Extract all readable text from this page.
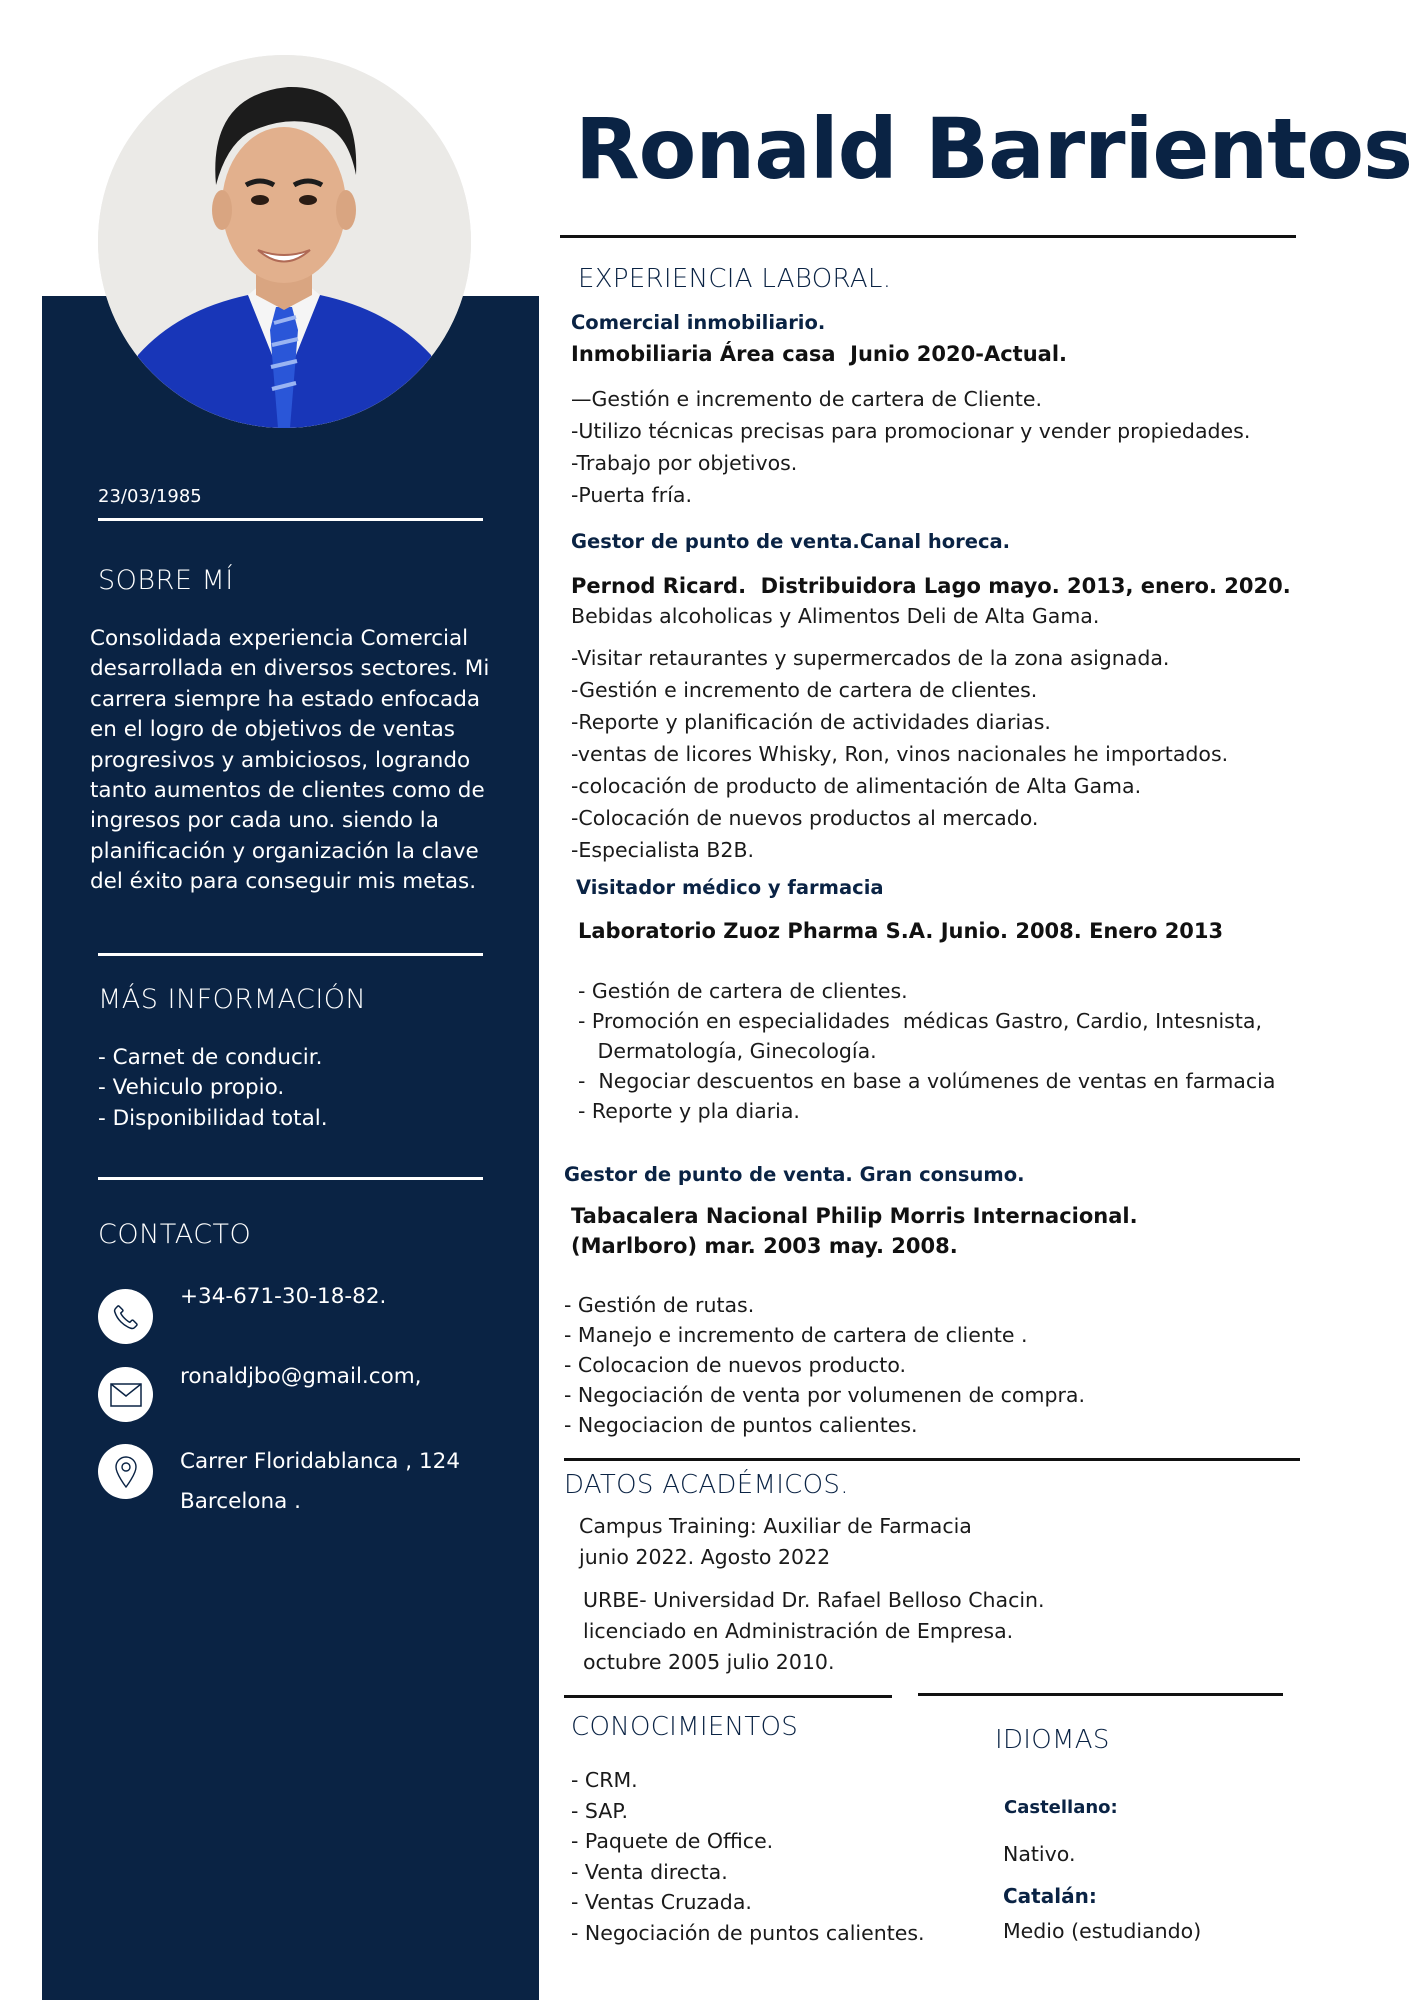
23/03/1985
SOBRE MÍ
Consolidada experiencia Comercial
desarrollada en diversos sectores. Mi
carrera siempre ha estado enfocada
en el logro de objetivos de ventas
progresivos y ambiciosos, logrando
tanto aumentos de clientes como de
ingresos por cada uno. siendo la
planificación y organización la clave
del éxito para conseguir mis metas.
MÁS INFORMACIÓN
- Carnet de conducir.
- Vehiculo propio.
- Disponibilidad total.
CONTACTO
+34-671-30-18-82.
ronaldjbo@gmail.com,
Carrer Floridablanca , 124
Barcelona .
Ronald Barrientos
EXPERIENCIA LABORAL.
Comercial inmobiliario.
Inmobiliaria Área casa  Junio 2020-Actual.
—Gestión e incremento de cartera de Cliente.
-Utilizo técnicas precisas para promocionar y vender propiedades.
-Trabajo por objetivos.
-Puerta fría.
Gestor de punto de venta.Canal horeca.
Pernod Ricard.  Distribuidora Lago mayo. 2013, enero. 2020.
Bebidas alcoholicas y Alimentos Deli de Alta Gama.
-Visitar retaurantes y supermercados de la zona asignada.
-Gestión e incremento de cartera de clientes.
-Reporte y planificación de actividades diarias.
-ventas de licores Whisky, Ron, vinos nacionales he importados.
-colocación de producto de alimentación de Alta Gama.
-Colocación de nuevos productos al mercado.
-Especialista B2B.
Visitador médico y farmacia
Laboratorio Zuoz Pharma S.A. Junio. 2008. Enero 2013
- Gestión de cartera de clientes.
- Promoción en especialidades  médicas Gastro, Cardio, Intesnista,
Dermatología, Ginecología.
-  Negociar descuentos en base a volúmenes de ventas en farmacia
- Reporte y pla diaria.
Gestor de punto de venta. Gran consumo.
Tabacalera Nacional Philip Morris Internacional.
(Marlboro) mar. 2003 may. 2008.
- Gestión de rutas.
- Manejo e incremento de cartera de cliente .
- Colocacion de nuevos producto.
- Negociación de venta por volumenen de compra.
- Negociacion de puntos calientes.
DATOS ACADÉMICOS.
Campus Training: Auxiliar de Farmacia
junio 2022. Agosto 2022
URBE- Universidad Dr. Rafael Belloso Chacin.
licenciado en Administración de Empresa.
octubre 2005 julio 2010.
CONOCIMIENTOS
- CRM.
- SAP.
- Paquete de Office.
- Venta directa.
- Ventas Cruzada.
- Negociación de puntos calientes.
IDIOMAS
Castellano:
Nativo.
Catalán:
Medio (estudiando)
